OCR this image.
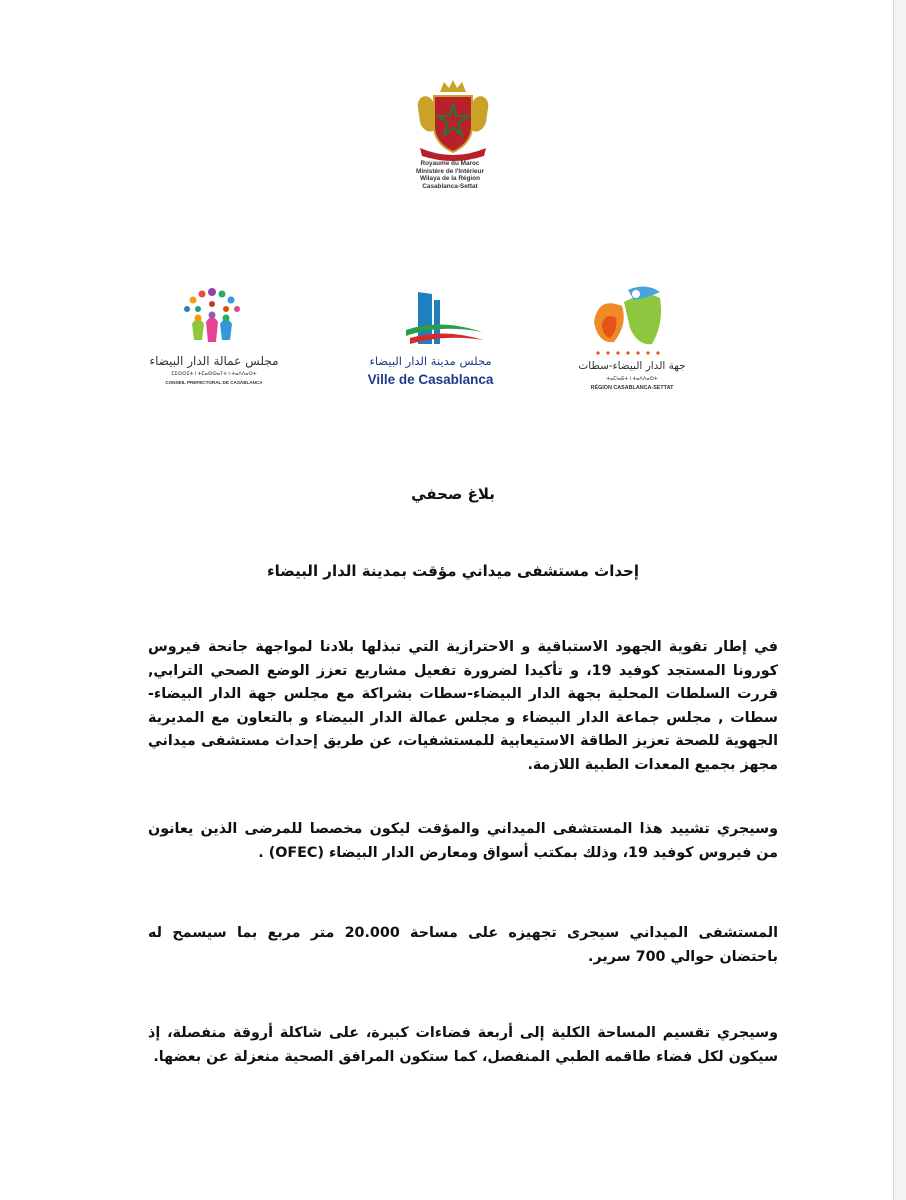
Royaume du Maroc
Ministère de l'Intérieur
Wilaya de la Région
Casablanca-Settat
مجلس عمالة الدار البيضاء
ⵎⵉⵔⵔⵉⵜ ⵏ ⵜⵎⴰⵙⵙⴰⵢⵜ ⵏ ⵜⴰⴷⴷⴰⵔⵜ
CONSEIL PREFECTORAL DE CASABLANCA
مجلس مدينة الدار البيضاء
Ville de Casablanca
جهة الدار البيضاء-سطات
ⵜⴰⵎⵏⴰⴹⵜ ⵏ ⵜⴰⴷⴷⴰⵔⵜ
RÉGION CASABLANCA-SETTAT
بلاغ صحفي
إحداث مستشفى ميداني مؤقت بمدينة الدار البيضاء
في إطار تقوية الجهود الاستباقية و الاحترازية التي تبذلها بلادنا لمواجهة جانحة فيروس كورونا المستجد كوفيد 19، و تأكيدا لضرورة تفعيل مشاريع تعزز الوضع الصحي الترابي, قررت السلطات المحلية بجهة الدار البيضاء-سطات بشراكة مع مجلس جهة الدار البيضاء-سطات , مجلس جماعة الدار البيضاء و مجلس عمالة الدار البيضاء و بالتعاون مع المديرية الجهوية للصحة تعزيز الطاقة الاستيعابية للمستشفيات، عن طريق إحداث مستشفى ميداني مجهز بجميع المعدات الطبية اللازمة.
وسيجري تشييد هذا المستشفى الميداني والمؤقت ليكون مخصصا للمرضى الذين يعانون من فيروس كوفيد 19، وذلك بمكتب أسواق ومعارض الدار البيضاء (OFEC) .
المستشفى الميداني سيجرى تجهيزه على مساحة 20.000 متر مربع بما سيسمح له باحتضان حوالي 700 سرير.
وسيجري تقسيم المساحة الكلية إلى أربعة فضاءات كبيرة، على شاكلة أروقة منفصلة، إذ سيكون لكل فضاء طاقمه الطبي المنفصل، كما ستكون المرافق الصحية منعزلة عن بعضها.
